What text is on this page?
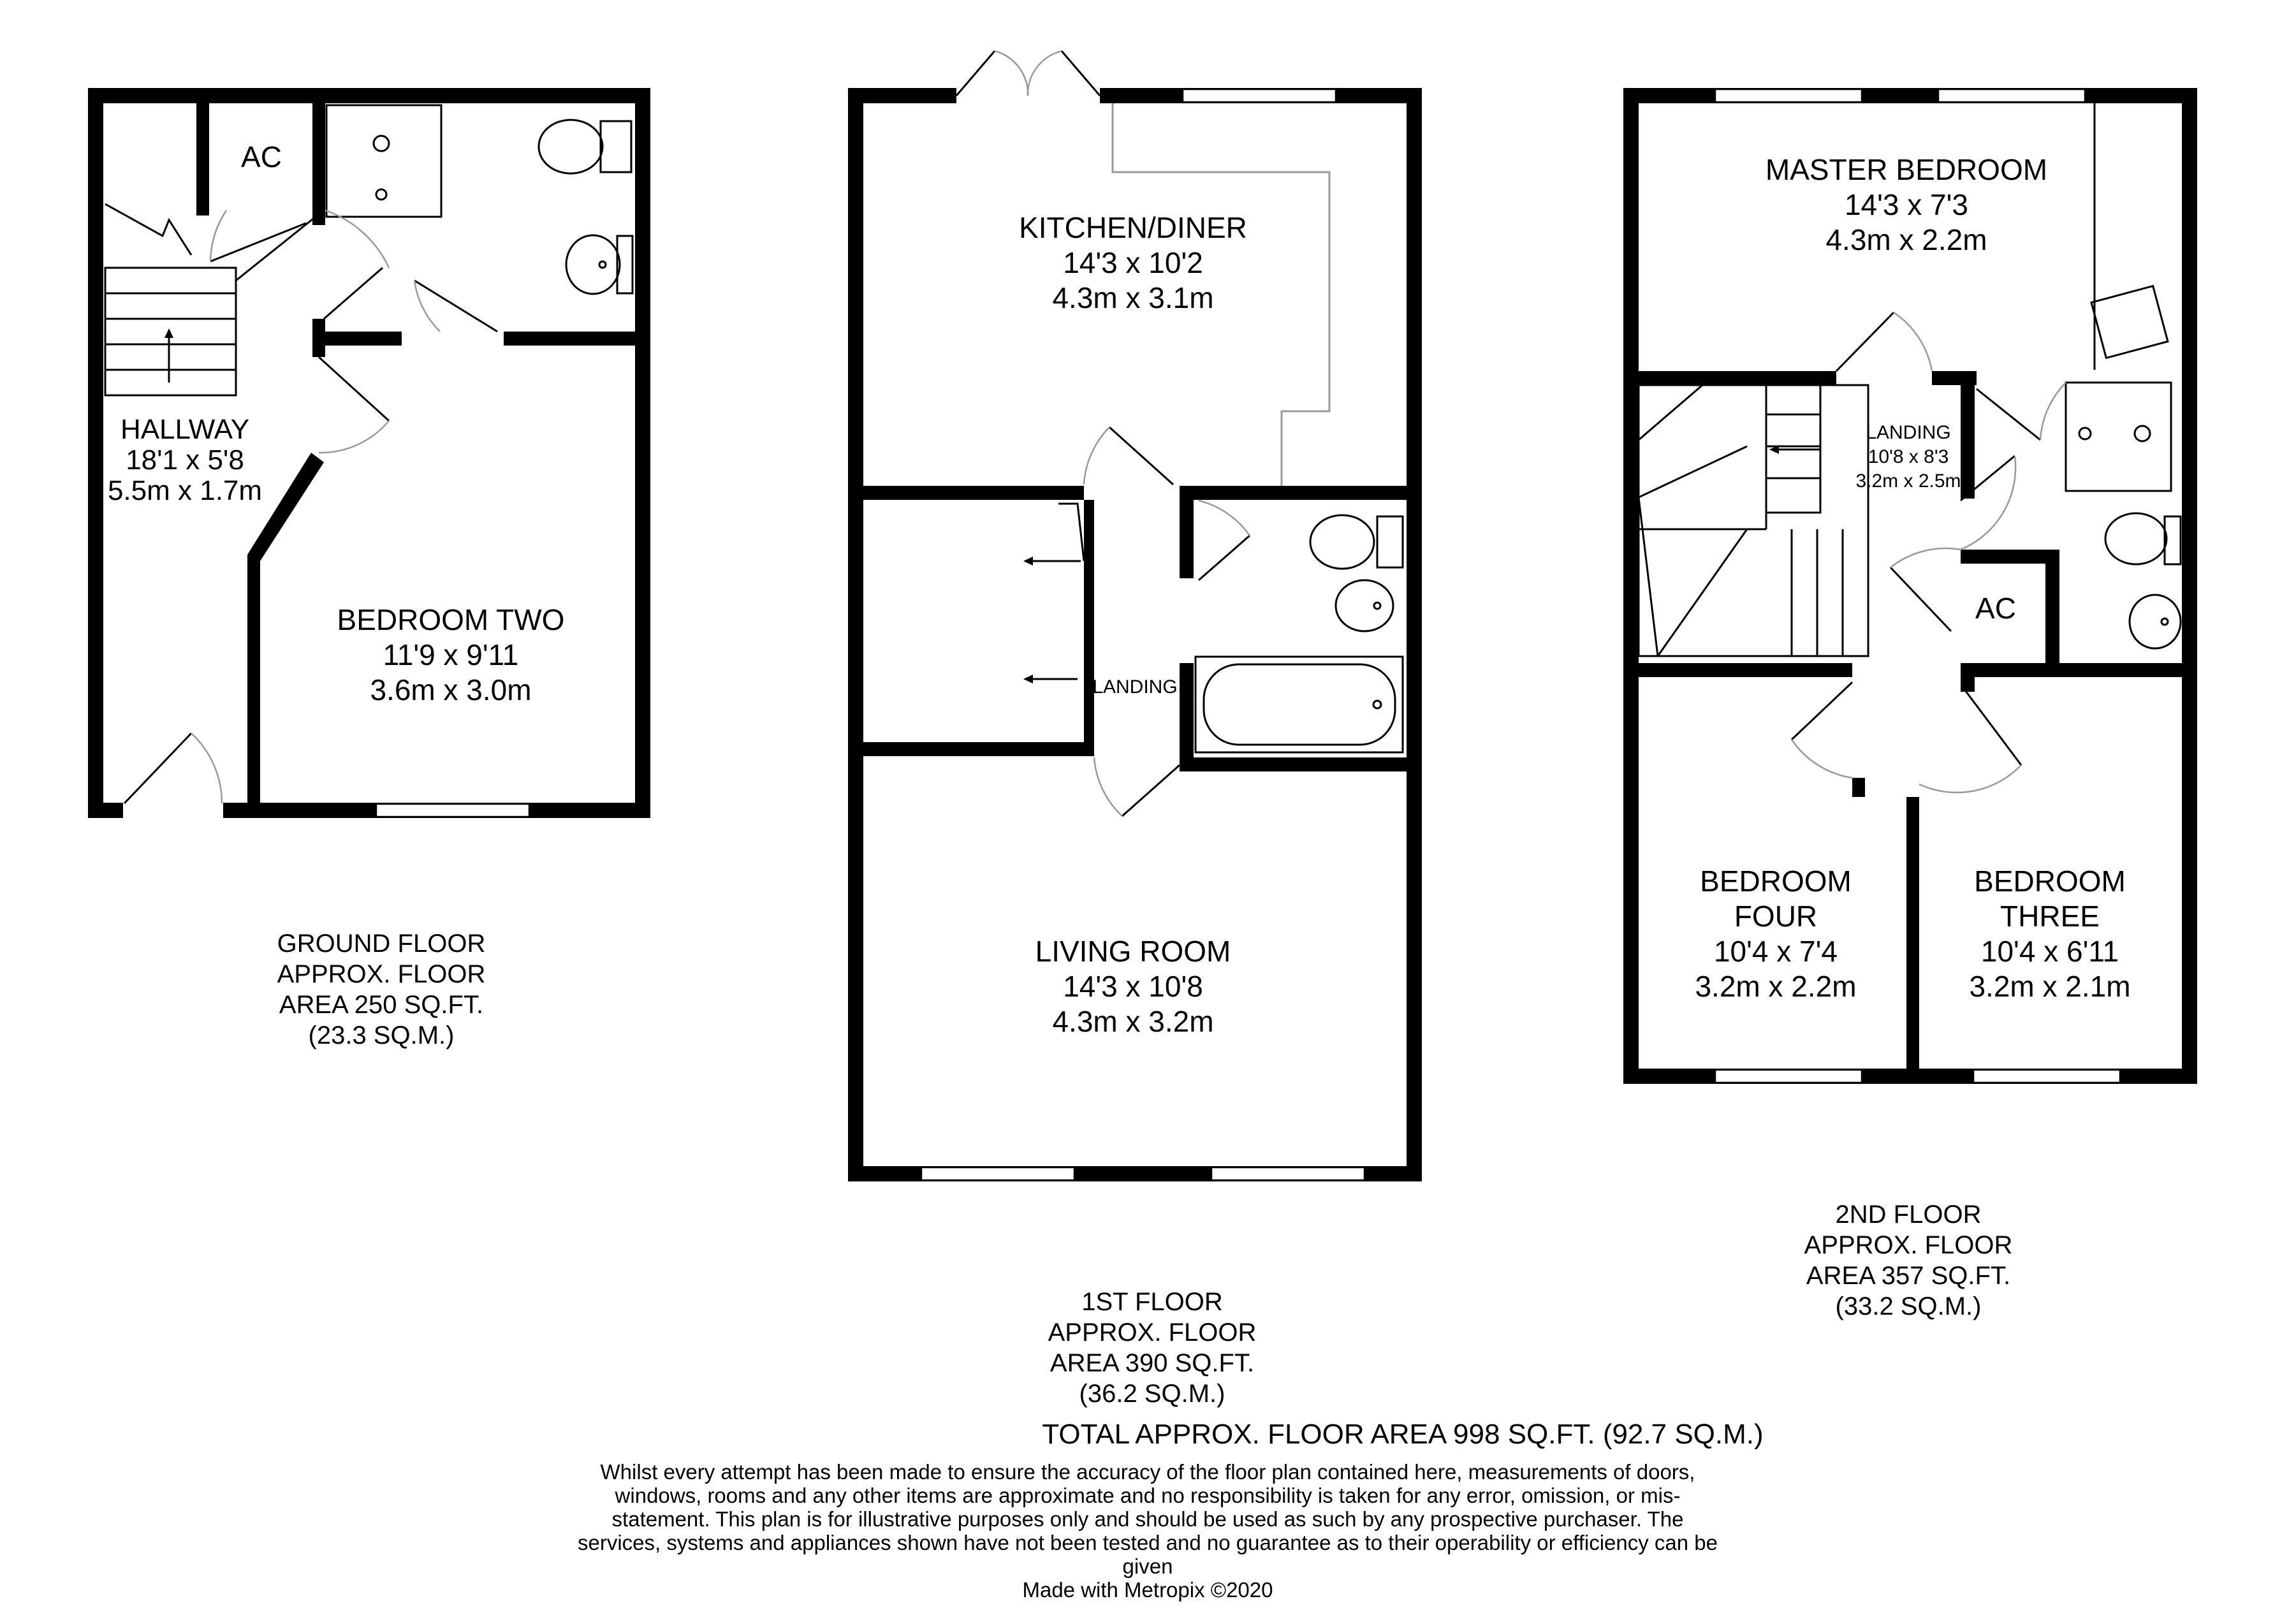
AC
HALLWAY
18'1 x 5'8
5.5m x 1.7m
BEDROOM TWO
11'9 x 9'11
3.6m x 3.0m
GROUND FLOOR
APPROX. FLOOR
AREA 250 SQ.FT.
(23.3 SQ.M.)
KITCHEN/DINER
14'3 x 10'2
4.3m x 3.1m
LANDING
LIVING ROOM
14'3 x 10'8
4.3m x 3.2m
1ST FLOOR
APPROX. FLOOR
AREA 390 SQ.FT.
(36.2 SQ.M.)
MASTER BEDROOM
14'3 x 7'3
4.3m x 2.2m
LANDING
10'8 x 8'3
3.2m x 2.5m
AC
BEDROOM
FOUR
10'4 x 7'4
3.2m x 2.2m
BEDROOM
THREE
10'4 x 6'11
3.2m x 2.1m
2ND FLOOR
APPROX. FLOOR
AREA 357 SQ.FT.
(33.2 SQ.M.)
TOTAL APPROX. FLOOR AREA 998 SQ.FT. (92.7 SQ.M.)
Whilst every attempt has been made to ensure the accuracy of the floor plan contained here, measurements of doors, windows, rooms and any other items are approximate and no responsibility is taken for any error, omission, or mis-statement. This plan is for illustrative purposes only and should be used as such by any prospective purchaser. The services, systems and appliances shown have not been tested and no guarantee as to their operability or efficiency can be given
Made with Metropix ©2020
